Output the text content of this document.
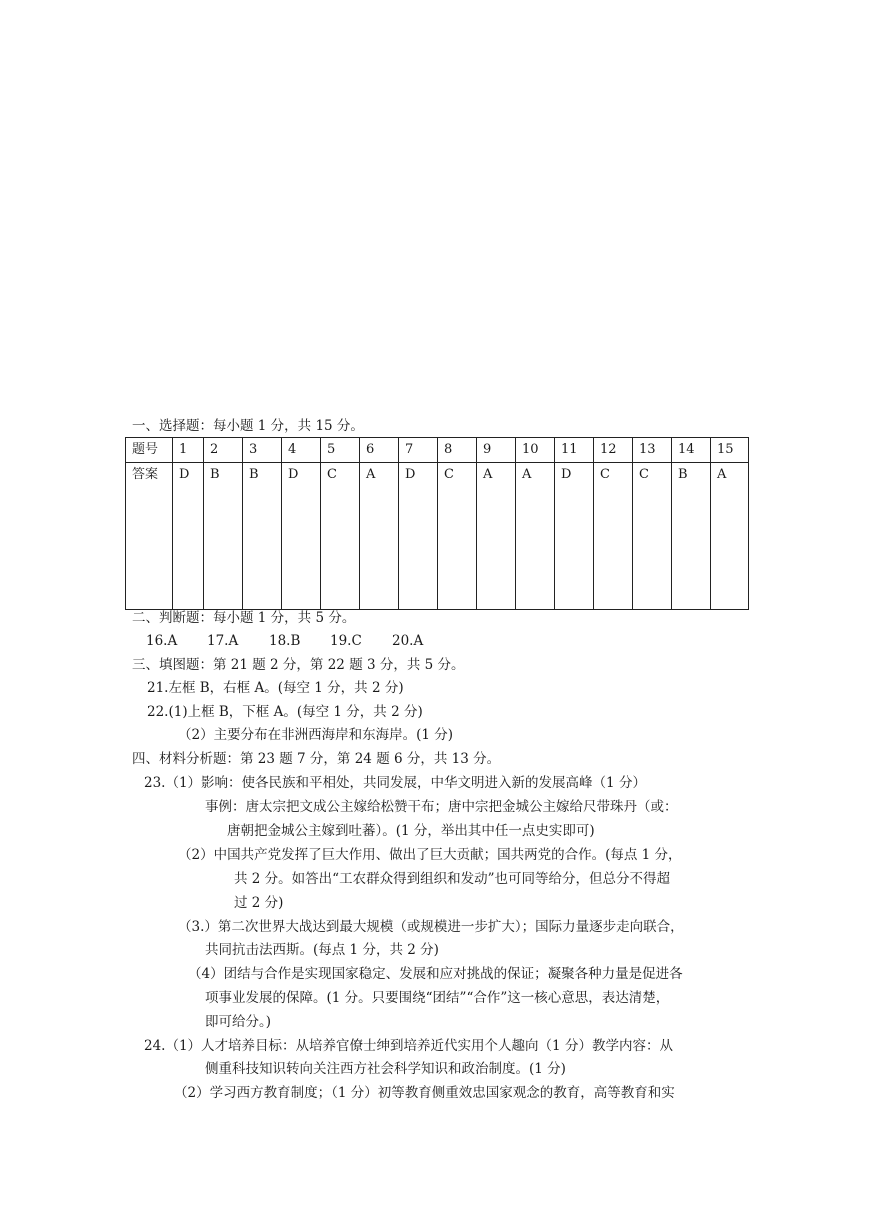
一、选择题：每小题 1 分，共 15 分。
题号	1	2	3	4	5	6	7	8	9	10	11	12	13	14	15
答案	D	B	B	D	C	A	D	C	A	A	D	C	C	B	A
二、判断题：每小题 1 分，共 5 分。
16.A 17.A 18.B 19.C 20.A
三、填图题：第 21 题 2 分，第 22 题 3 分，共 5 分。
21.左框 B，右框 A。(每空 1 分，共 2 分)
22.(1)上框 B，下框 A。(每空 1 分，共 2 分)
（2）主要分布在非洲西海岸和东海岸。(1 分)
四、材料分析题：第 23 题 7 分，第 24 题 6 分，共 13 分。
23.（1）影响：使各民族和平相处，共同发展，中华文明进入新的发展高峰（1 分）
事例：唐太宗把文成公主嫁给松赞干布；唐中宗把金城公主嫁给尺带珠丹（或：
唐朝把金城公主嫁到吐蕃）。(1 分，举出其中任一点史实即可)
（2）中国共产党发挥了巨大作用、做出了巨大贡献；国共两党的合作。(每点 1 分，
共 2 分。如答出“工农群众得到组织和发动”也可同等给分，但总分不得超
过 2 分)
（3.）第二次世界大战达到最大规模（或规模进一步扩大）；国际力量逐步走向联合，
共同抗击法西斯。(每点 1 分，共 2 分)
（4）团结与合作是实现国家稳定、发展和应对挑战的保证；凝聚各种力量是促进各
项事业发展的保障。(1 分。只要围绕“团结”“合作”这一核心意思，表达清楚，
即可给分。)
24.（1）人才培养目标：从培养官僚士绅到培养近代实用个人趣向（1 分）教学内容：从
侧重科技知识转向关注西方社会科学知识和政治制度。(1 分)
（2）学习西方教育制度；（1 分）初等教育侧重效忠国家观念的教育，高等教育和实
